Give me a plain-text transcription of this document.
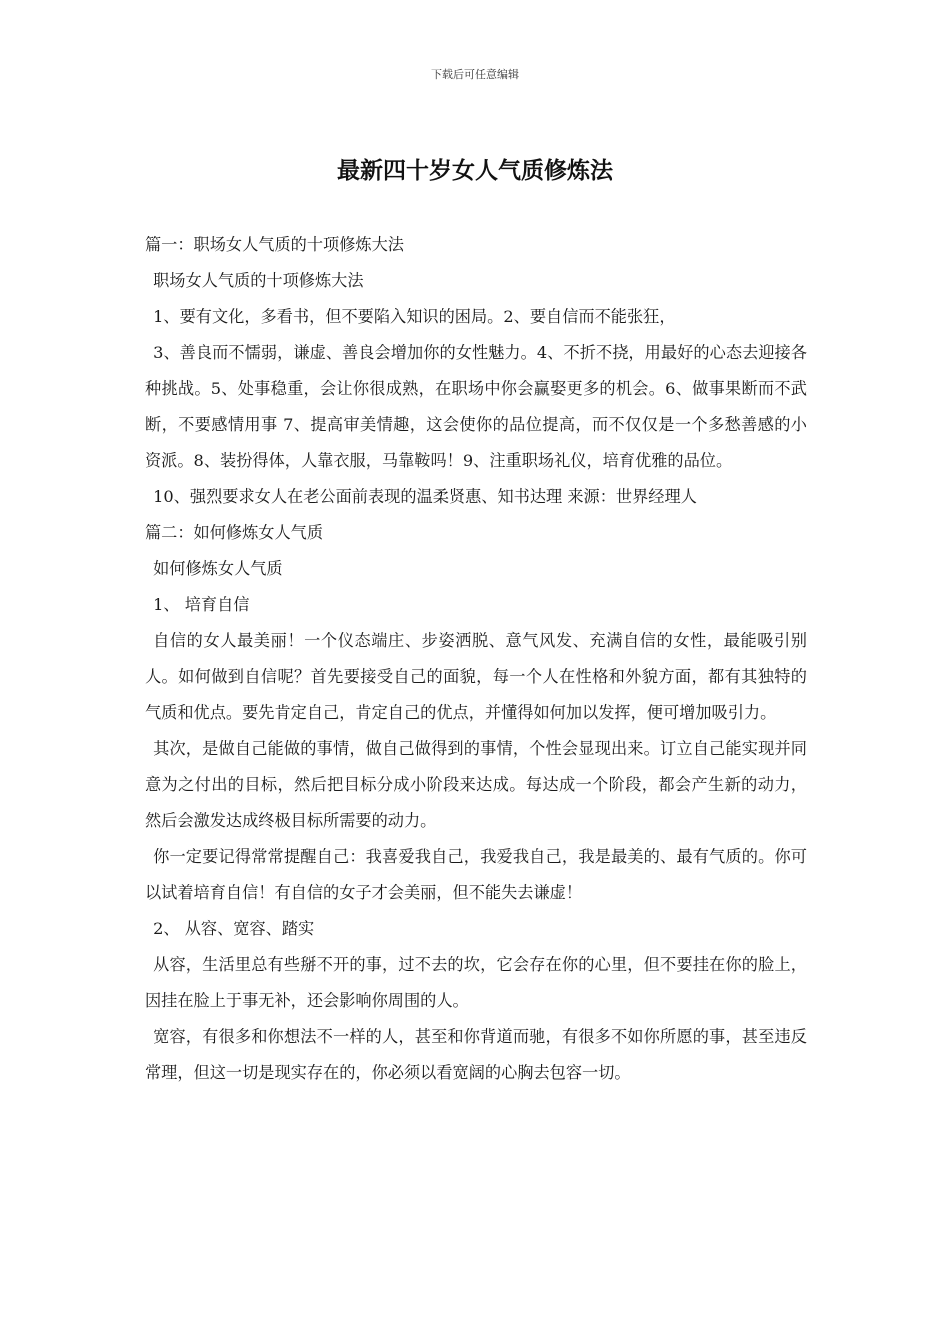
下载后可任意编辑
最新四十岁女人气质修炼法

篇一：职场女人气质的十项修炼大法

职场女人气质的十项修炼大法

1、要有文化，多看书，但不要陷入知识的困局。2、要自信而不能张狂，

3、善良而不懦弱，谦虚、善良会增加你的女性魅力。4、不折不挠，用最好的心态去迎接各种挑战。5、处事稳重，会让你很成熟，在职场中你会赢娶更多的机会。6、做事果断而不武断，不要感情用事 7、提高审美情趣，这会使你的品位提高，而不仅仅是一个多愁善感的小资派。8、装扮得体，人靠衣服，马靠鞍吗！9、注重职场礼仪，培育优雅的品位。

10、强烈要求女人在老公面前表现的温柔贤惠、知书达理 来源：世界经理人

篇二：如何修炼女人气质

如何修炼女人气质

1、 培育自信

自信的女人最美丽！一个仪态端庄、步姿洒脱、意气风发、充满自信的女性，最能吸引别人。如何做到自信呢？首先要接受自己的面貌，每一个人在性格和外貌方面，都有其独特的气质和优点。要先肯定自己，肯定自己的优点，并懂得如何加以发挥，便可增加吸引力。

其次，是做自己能做的事情，做自己做得到的事情，个性会显现出来。订立自己能实现并同意为之付出的目标，然后把目标分成小阶段来达成。每达成一个阶段，都会产生新的动力，然后会激发达成终极目标所需要的动力。

你一定要记得常常提醒自己：我喜爱我自己，我爱我自己，我是最美的、最有气质的。你可以试着培育自信！有自信的女子才会美丽，但不能失去谦虚！

2、 从容、宽容、踏实

从容，生活里总有些掰不开的事，过不去的坎，它会存在你的心里，但不要挂在你的脸上，因挂在脸上于事无补，还会影响你周围的人。

宽容，有很多和你想法不一样的人，甚至和你背道而驰，有很多不如你所愿的事，甚至违反常理，但这一切是现实存在的，你必须以看宽阔的心胸去包容一切。
